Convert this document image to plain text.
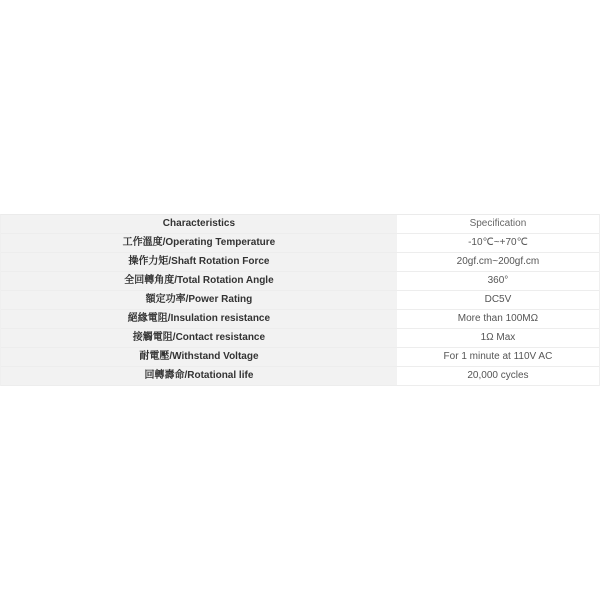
Characteristics	Specification
工作溫度/Operating Temperature	-10℃~+70℃
操作力矩/Shaft Rotation Force	20gf.cm~200gf.cm
全回轉角度/Total Rotation Angle	360°
額定功率/Power Rating	DC5V
絕緣電阻/Insulation resistance	More than 100MΩ
接觸電阻/Contact resistance	1Ω Max
耐電壓/Withstand Voltage	For 1 minute at 110V AC
回轉壽命/Rotational life	20,000 cycles
